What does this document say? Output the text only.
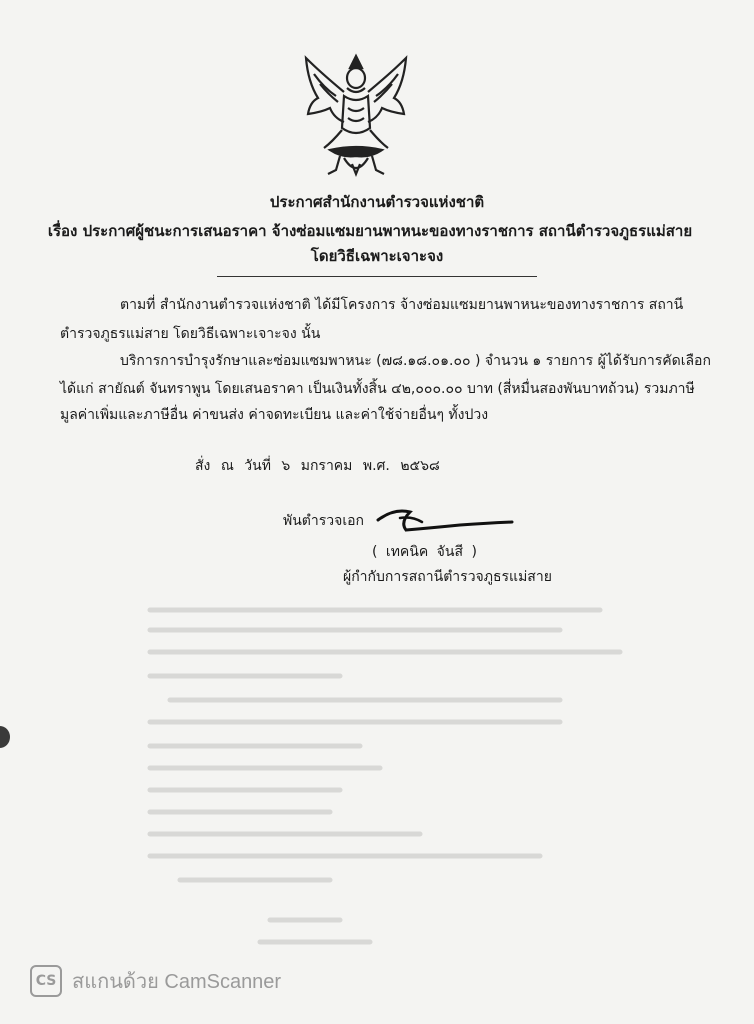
ประกาศสำนักงานตำรวจแห่งชาติ
เรื่อง ประกาศผู้ชนะการเสนอราคา จ้างซ่อมแซมยานพาหนะของทางราชการ สถานีตำรวจภูธรแม่สาย
โดยวิธีเฉพาะเจาะจง
ตามที่ สำนักงานตำรวจแห่งชาติ ได้มีโครงการ จ้างซ่อมแซมยานพาหนะของทางราชการ สถานี
ตำรวจภูธรแม่สาย โดยวิธีเฉพาะเจาะจง นั้น
บริการการบำรุงรักษาและซ่อมแซมพาหนะ (๗๘.๑๘.๐๑.๐๐ ) จำนวน ๑ รายการ ผู้ได้รับการคัดเลือก
ได้แก่ สายัณต์ จันทราพูน โดยเสนอราคา เป็นเงินทั้งสิ้น ๔๒,๐๐๐.๐๐ บาท (สี่หมื่นสองพันบาทถ้วน) รวมภาษี
มูลค่าเพิ่มและภาษีอื่น ค่าขนส่ง ค่าจดทะเบียน และค่าใช้จ่ายอื่นๆ ทั้งปวง
สั่ง ณ วันที่ ๖ มกราคม พ.ศ. ๒๕๖๘
พันตำรวจเอก
( เทคนิค จันสี )
ผู้กำกับการสถานีตำรวจภูธรแม่สาย
CS สแกนด้วย CamScanner
